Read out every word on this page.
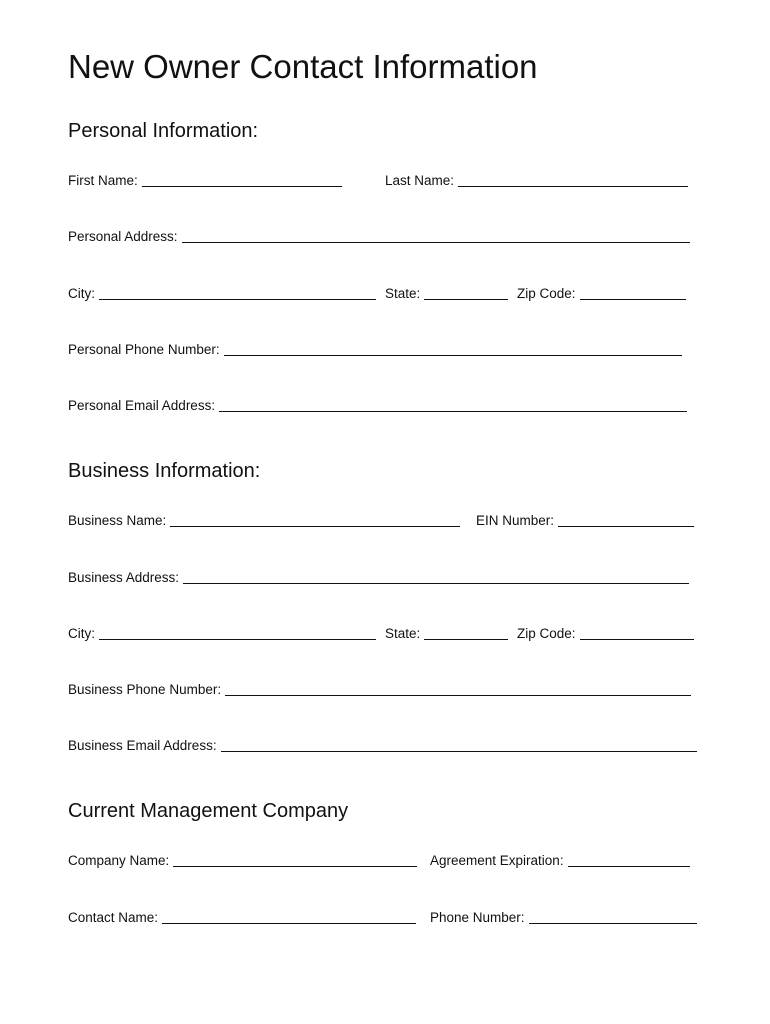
New Owner Contact Information
Personal Information:
First Name:	Last Name:
Personal Address:
City:	State:	Zip Code:
Personal Phone Number:
Personal Email Address:
Business Information:
Business Name:	EIN Number:
Business Address:
City:	State:	Zip Code:
Business Phone Number:
Business Email Address:
Current Management Company
Company Name:	Agreement Expiration:
Contact Name:	Phone Number:
